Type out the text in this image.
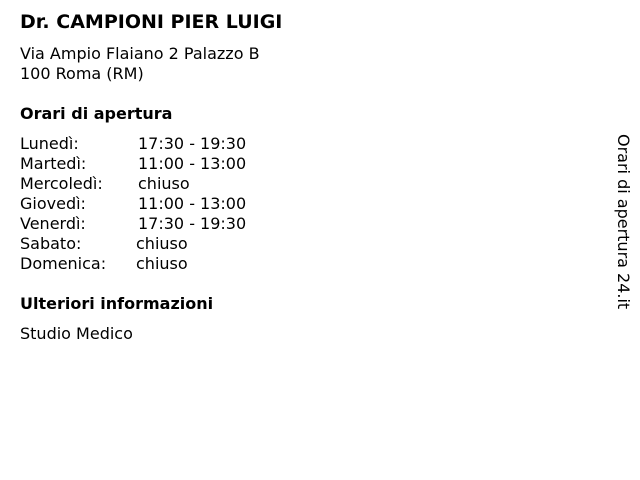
Dr. CAMPIONI PIER LUIGI
Via Ampio Flaiano 2 Palazzo B
100 Roma (RM)
Orari di apertura
Lunedì:	17:30 - 19:30
Martedì:	11:00 - 13:00
Mercoledì: chiuso
Giovedì:	11:00 - 13:00
Venerdì:	17:30 - 19:30
Sabato:	chiuso
Domenica: chiuso
Ulteriori informazioni
Studio Medico
Orari di apertura 24.it
